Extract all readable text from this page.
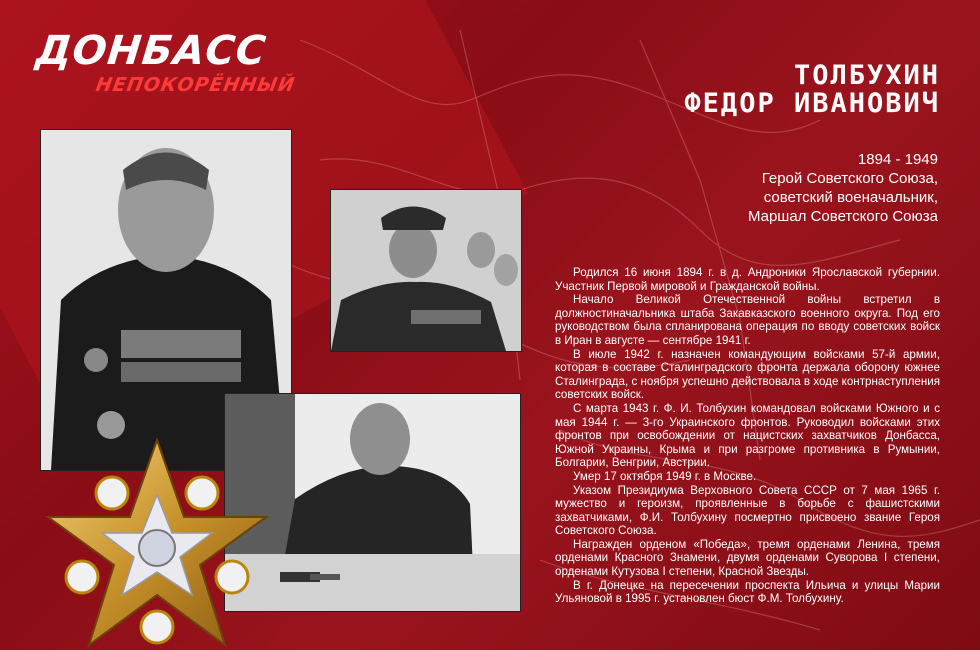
ДОНБАСС
НЕПОКОРЁННЫЙ	ТОЛБУХИН
ФЕДОР ИВАНОВИЧ
1894 - 1949
Герой Советского Союза,
советский военачальник,
Маршал Советского Союза

Родился 16 июня 1894 г. в д. Андроники Ярославской губернии. Участник Первой мировой и Гражданской войны.

Начало Великой Отечественной войны встретил в должностиначальника штаба Закавказского военного округа. Под его руководством была спланирована операция по вводу советских войск в Иран в августе — сентябре 1941 г.

В июле 1942 г. назначен командующим войсками 57-й армии, которая в составе Сталинградского фронта держала оборону южнее Сталинграда, с ноября успешно действовала в ходе контрнаступления советских войск.

С марта 1943 г. Ф. И. Толбухин командовал войсками Южного и с мая 1944 г. — 3-го Украинского фронтов. Руководил войсками этих фронтов при освобождении от нацистских захватчиков Донбасса, Южной Украины, Крыма и при разгроме противника в Румынии, Болгарии, Венгрии, Австрии.

Умер 17 октября 1949 г. в Москве.

Указом Президиума Верховного Совета СССР от 7 мая 1965 г. мужество и героизм, проявленные в борьбе с фашистскими захватчиками, Ф.И. Толбухину посмертно присвоено звание Героя Советского Союза.

Награжден орденом «Победа», тремя орденами Ленина, тремя орденами Красного Знамени, двумя орденами Суворова I степени, орденами Кутузова I степени, Красной Звезды.

В г. Донецке на пересечении проспекта Ильича и улицы Марии Ульяновой в 1995 г. установлен бюст Ф.М. Толбухину.
